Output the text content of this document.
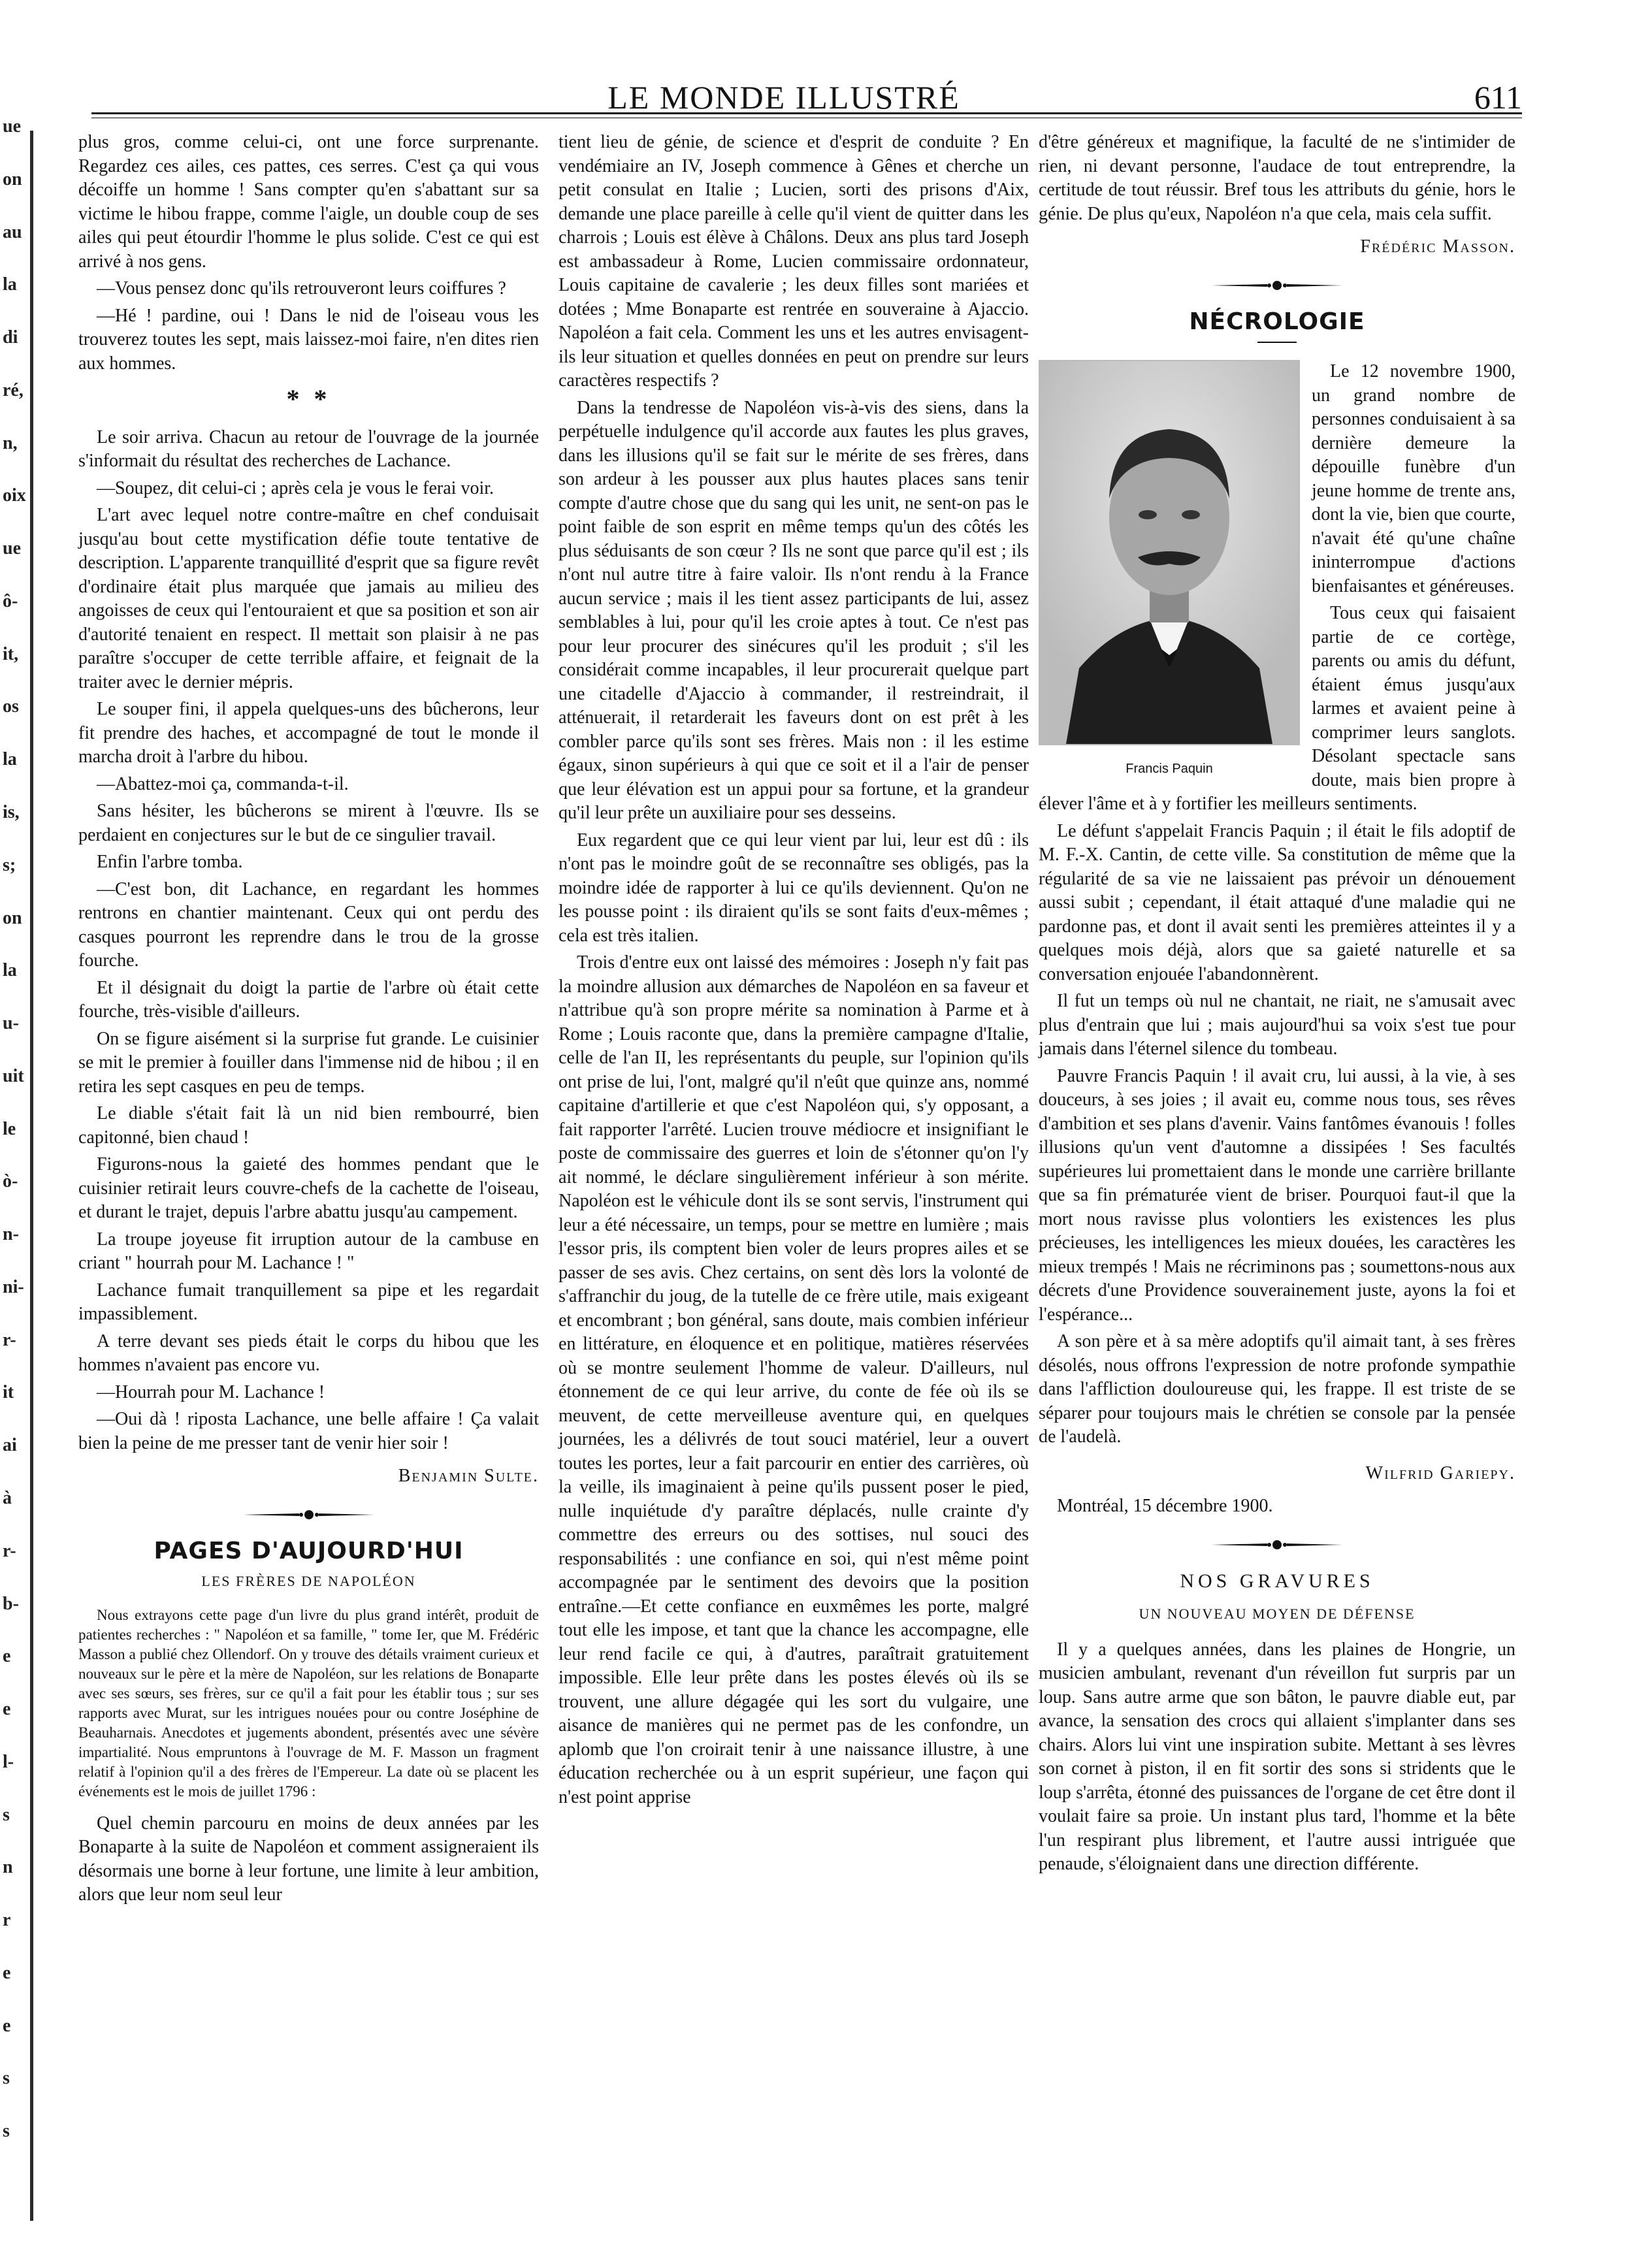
ue
on
au
la
di
ré,
n,
oix
ue
ô-
it,
os
la
is,
s;
on
la
u-
uit
le
ò-
n-
ni-
r-
it
ai
à
r-
b-
e
e
l-
s
n
r
e
e
s
s
LE MONDE ILLUSTRÉ	611

plus gros, comme celui-ci, ont une force surprenante. Regardez ces ailes, ces pattes, ces serres. C'est ça qui vous décoiffe un homme ! Sans compter qu'en s'abattant sur sa victime le hibou frappe, comme l'aigle, un double coup de ses ailes qui peut étourdir l'homme le plus solide. C'est ce qui est arrivé à nos gens.

—Vous pensez donc qu'ils retrouveront leurs coiffures ?

—Hé ! pardine, oui ! Dans le nid de l'oiseau vous les trouverez toutes les sept, mais laissez-moi faire, n'en dites rien aux hommes.

* *

Le soir arriva. Chacun au retour de l'ouvrage de la journée s'informait du résultat des recherches de Lachance.

—Soupez, dit celui-ci ; après cela je vous le ferai voir.

L'art avec lequel notre contre-maître en chef conduisait jusqu'au bout cette mystification défie toute tentative de description. L'apparente tranquillité d'esprit que sa figure revêt d'ordinaire était plus marquée que jamais au milieu des angoisses de ceux qui l'entouraient et que sa position et son air d'autorité tenaient en respect. Il mettait son plaisir à ne pas paraître s'occuper de cette terrible affaire, et feignait de la traiter avec le dernier mépris.

Le souper fini, il appela quelques-uns des bûcherons, leur fit prendre des haches, et accompagné de tout le monde il marcha droit à l'arbre du hibou.

—Abattez-moi ça, commanda-t-il.

Sans hésiter, les bûcherons se mirent à l'œuvre. Ils se perdaient en conjectures sur le but de ce singulier travail.

Enfin l'arbre tomba.

—C'est bon, dit Lachance, en regardant les hommes rentrons en chantier maintenant. Ceux qui ont perdu des casques pourront les reprendre dans le trou de la grosse fourche.

Et il désignait du doigt la partie de l'arbre où était cette fourche, très-visible d'ailleurs.

On se figure aisément si la surprise fut grande. Le cuisinier se mit le premier à fouiller dans l'immense nid de hibou ; il en retira les sept casques en peu de temps.

Le diable s'était fait là un nid bien rembourré, bien capitonné, bien chaud !

Figurons-nous la gaieté des hommes pendant que le cuisinier retirait leurs couvre-chefs de la cachette de l'oiseau, et durant le trajet, depuis l'arbre abattu jusqu'au campement.

La troupe joyeuse fit irruption autour de la cambuse en criant " hourrah pour M. Lachance ! "

Lachance fumait tranquillement sa pipe et les regardait impassiblement.

A terre devant ses pieds était le corps du hibou que les hommes n'avaient pas encore vu.

—Hourrah pour M. Lachance !

—Oui dà ! riposta Lachance, une belle affaire ! Ça valait bien la peine de me presser tant de venir hier soir !

Benjamin Sulte.
PAGES D'AUJOURD'HUI
LES FRÈRES DE NAPOLÉON

Nous extrayons cette page d'un livre du plus grand intérêt, produit de patientes recherches : " Napoléon et sa famille, " tome Ier, que M. Frédéric Masson a publié chez Ollendorf. On y trouve des détails vraiment curieux et nouveaux sur le père et la mère de Napoléon, sur les relations de Bonaparte avec ses sœurs, ses frères, sur ce qu'il a fait pour les établir tous ; sur ses rapports avec Murat, sur les intrigues nouées pour ou contre Joséphine de Beauharnais. Anecdotes et jugements abondent, présentés avec une sévère impartialité. Nous empruntons à l'ouvrage de M. F. Masson un fragment relatif à l'opinion qu'il a des frères de l'Empereur. La date où se placent les événements est le mois de juillet 1796 :

Quel chemin parcouru en moins de deux années par les Bonaparte à la suite de Napoléon et comment assigneraient ils désormais une borne à leur fortune, une limite à leur ambition, alors que leur nom seul leur

tient lieu de génie, de science et d'esprit de conduite ? En vendémiaire an IV, Joseph commence à Gênes et cherche un petit consulat en Italie ; Lucien, sorti des prisons d'Aix, demande une place pareille à celle qu'il vient de quitter dans les charrois ; Louis est élève à Châlons. Deux ans plus tard Joseph est ambassadeur à Rome, Lucien commissaire ordonnateur, Louis capitaine de cavalerie ; les deux filles sont mariées et dotées ; Mme Bonaparte est rentrée en souveraine à Ajaccio. Napoléon a fait cela. Comment les uns et les autres envisagent-ils leur situation et quelles données en peut on prendre sur leurs caractères respectifs ?

Dans la tendresse de Napoléon vis-à-vis des siens, dans la perpétuelle indulgence qu'il accorde aux fautes les plus graves, dans les illusions qu'il se fait sur le mérite de ses frères, dans son ardeur à les pousser aux plus hautes places sans tenir compte d'autre chose que du sang qui les unit, ne sent-on pas le point faible de son esprit en même temps qu'un des côtés les plus séduisants de son cœur ? Ils ne sont que parce qu'il est ; ils n'ont nul autre titre à faire valoir. Ils n'ont rendu à la France aucun service ; mais il les tient assez participants de lui, assez semblables à lui, pour qu'il les croie aptes à tout. Ce n'est pas pour leur procurer des sinécures qu'il les produit ; s'il les considérait comme incapables, il leur procurerait quelque part une citadelle d'Ajaccio à commander, il restreindrait, il atténuerait, il retarderait les faveurs dont on est prêt à les combler parce qu'ils sont ses frères. Mais non : il les estime égaux, sinon supérieurs à qui que ce soit et il a l'air de penser que leur élévation est un appui pour sa fortune, et la grandeur qu'il leur prête un auxiliaire pour ses desseins.

Eux regardent que ce qui leur vient par lui, leur est dû : ils n'ont pas le moindre goût de se reconnaître ses obligés, pas la moindre idée de rapporter à lui ce qu'ils deviennent. Qu'on ne les pousse point : ils diraient qu'ils se sont faits d'eux-mêmes ; cela est très italien.

Trois d'entre eux ont laissé des mémoires : Joseph n'y fait pas la moindre allusion aux démarches de Napoléon en sa faveur et n'attribue qu'à son propre mérite sa nomination à Parme et à Rome ; Louis raconte que, dans la première campagne d'Italie, celle de l'an II, les représentants du peuple, sur l'opinion qu'ils ont prise de lui, l'ont, malgré qu'il n'eût que quinze ans, nommé capitaine d'artillerie et que c'est Napoléon qui, s'y opposant, a fait rapporter l'arrêté. Lucien trouve médiocre et insignifiant le poste de commissaire des guerres et loin de s'étonner qu'on l'y ait nommé, le déclare singulièrement inférieur à son mérite. Napoléon est le véhicule dont ils se sont servis, l'instrument qui leur a été nécessaire, un temps, pour se mettre en lumière ; mais l'essor pris, ils comptent bien voler de leurs propres ailes et se passer de ses avis. Chez certains, on sent dès lors la volonté de s'affranchir du joug, de la tutelle de ce frère utile, mais exigeant et encombrant ; bon général, sans doute, mais combien inférieur en littérature, en éloquence et en politique, matières réservées où se montre seulement l'homme de valeur. D'ailleurs, nul étonnement de ce qui leur arrive, du conte de fée où ils se meuvent, de cette merveilleuse aventure qui, en quelques journées, les a délivrés de tout souci matériel, leur a ouvert toutes les portes, leur a fait parcourir en entier des carrières, où la veille, ils imaginaient à peine qu'ils pussent poser le pied, nulle inquiétude d'y paraître déplacés, nulle crainte d'y commettre des erreurs ou des sottises, nul souci des responsabilités : une confiance en soi, qui n'est même point accompagnée par le sentiment des devoirs que la position entraîne.—Et cette confiance en euxmêmes les porte, malgré tout elle les impose, et tant que la chance les accompagne, elle leur rend facile ce qui, à d'autres, paraîtrait gratuitement impossible. Elle leur prête dans les postes élevés où ils se trouvent, une allure dégagée qui les sort du vulgaire, une aisance de manières qui ne permet pas de les confondre, un aplomb que l'on croirait tenir à une naissance illustre, à une éducation recherchée ou à un esprit supérieur, une façon qui n'est point apprise

d'être généreux et magnifique, la faculté de ne s'intimider de rien, ni devant personne, l'audace de tout entreprendre, la certitude de tout réussir. Bref tous les attributs du génie, hors le génie. De plus qu'eux, Napoléon n'a que cela, mais cela suffit.

Frédéric Masson.
NÉCROLOGIE
Francis Paquin

Le 12 novembre 1900, un grand nombre de personnes conduisaient à sa dernière demeure la dépouille funèbre d'un jeune homme de trente ans, dont la vie, bien que courte, n'avait été qu'une chaîne ininterrompue d'actions bienfaisantes et généreuses.

Tous ceux qui faisaient partie de ce cortège, parents ou amis du défunt, étaient émus jusqu'aux larmes et avaient peine à comprimer leurs sanglots. Désolant spectacle sans doute, mais bien propre à élever l'âme et à y fortifier les meilleurs sentiments.

Le défunt s'appelait Francis Paquin ; il était le fils adoptif de M. F.-X. Cantin, de cette ville. Sa constitution de même que la régularité de sa vie ne laissaient pas prévoir un dénouement aussi subit ; cependant, il était attaqué d'une maladie qui ne pardonne pas, et dont il avait senti les premières atteintes il y a quelques mois déjà, alors que sa gaieté naturelle et sa conversation enjouée l'abandonnèrent.

Il fut un temps où nul ne chantait, ne riait, ne s'amusait avec plus d'entrain que lui ; mais aujourd'hui sa voix s'est tue pour jamais dans l'éternel silence du tombeau.

Pauvre Francis Paquin ! il avait cru, lui aussi, à la vie, à ses douceurs, à ses joies ; il avait eu, comme nous tous, ses rêves d'ambition et ses plans d'avenir. Vains fantômes évanouis ! folles illusions qu'un vent d'automne a dissipées ! Ses facultés supérieures lui promettaient dans le monde une carrière brillante que sa fin prématurée vient de briser. Pourquoi faut-il que la mort nous ravisse plus volontiers les existences les plus précieuses, les intelligences les mieux douées, les caractères les mieux trempés ! Mais ne récriminons pas ; soumettons-nous aux décrets d'une Providence souverainement juste, ayons la foi et l'espérance...

A son père et à sa mère adoptifs qu'il aimait tant, à ses frères désolés, nous offrons l'expression de notre profonde sympathie dans l'affliction douloureuse qui, les frappe. Il est triste de se séparer pour toujours mais le chrétien se console par la pensée de l'audelà.

Wilfrid Gariepy.

Montréal, 15 décembre 1900.

NOS GRAVURES
UN NOUVEAU MOYEN DE DÉFENSE

Il y a quelques années, dans les plaines de Hongrie, un musicien ambulant, revenant d'un réveillon fut surpris par un loup. Sans autre arme que son bâton, le pauvre diable eut, par avance, la sensation des crocs qui allaient s'implanter dans ses chairs. Alors lui vint une inspiration subite. Mettant à ses lèvres son cornet à piston, il en fit sortir des sons si stridents que le loup s'arrêta, étonné des puissances de l'organe de cet être dont il voulait faire sa proie. Un instant plus tard, l'homme et la bête l'un respirant plus librement, et l'autre aussi intriguée que penaude, s'éloignaient dans une direction différente.
